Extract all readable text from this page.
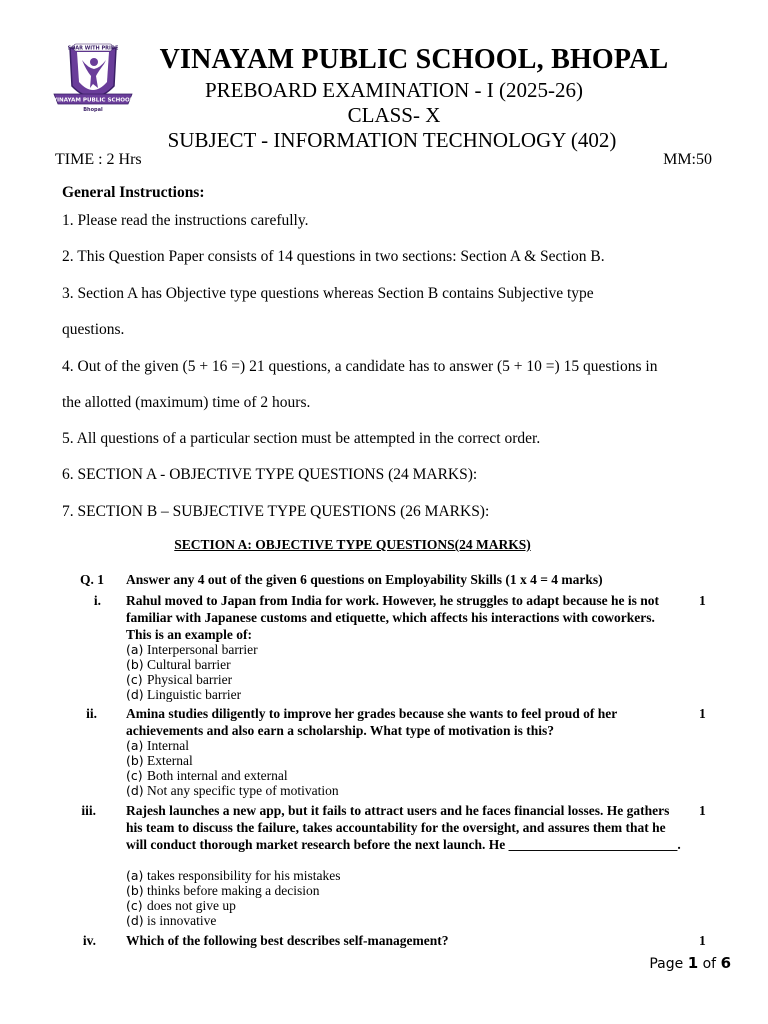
SOAR WITH PRIDE
VINAYAM PUBLIC SCHOOL
Bhopal
VINAYAM PUBLIC SCHOOL, BHOPAL
PREBOARD EXAMINATION - I (2025-26)
CLASS- X
SUBJECT - INFORMATION TECHNOLOGY (402)
TIME : 2 Hrs	MM:50
General Instructions:
1. Please read the instructions carefully.
2. This Question Paper consists of 14 questions in two sections: Section A & Section B.
3. Section A has Objective type questions whereas Section B contains Subjective type
questions.
4. Out of the given (5 + 16 =) 21 questions, a candidate has to answer (5 + 10 =) 15 questions in
the allotted (maximum) time of 2 hours.
5. All questions of a particular section must be attempted in the correct order.
6. SECTION A - OBJECTIVE TYPE QUESTIONS (24 MARKS):
7. SECTION B – SUBJECTIVE TYPE QUESTIONS (26 MARKS):
SECTION A: OBJECTIVE TYPE QUESTIONS(24 MARKS)
Q. 1 Answer any 4 out of the given 6 questions on Employability Skills (1 x 4 = 4 marks)
i. Rahul moved to Japan from India for work. However, he struggles to adapt because he is not familiar with Japanese customs and etiquette, which affects his interactions with coworkers. This is an example of:
1
(a) Interpersonal barrier
(b) Cultural barrier
(c) Physical barrier
(d) Linguistic barrier
ii. Amina studies diligently to improve her grades because she wants to feel proud of her achievements and also earn a scholarship. What type of motivation is this?
1
(a) Internal
(b) External
(c) Both internal and external
(d) Not any specific type of motivation
iii. Rajesh launches a new app, but it fails to attract users and he faces financial losses. He gathers his team to discuss the failure, takes accountability for the oversight, and assures them that he will conduct thorough market research before the next launch. He _________________________.
1
(a) takes responsibility for his mistakes
(b) thinks before making a decision
(c) does not give up
(d) is innovative
iv. Which of the following best describes self-management?	1
Page 1 of 6
